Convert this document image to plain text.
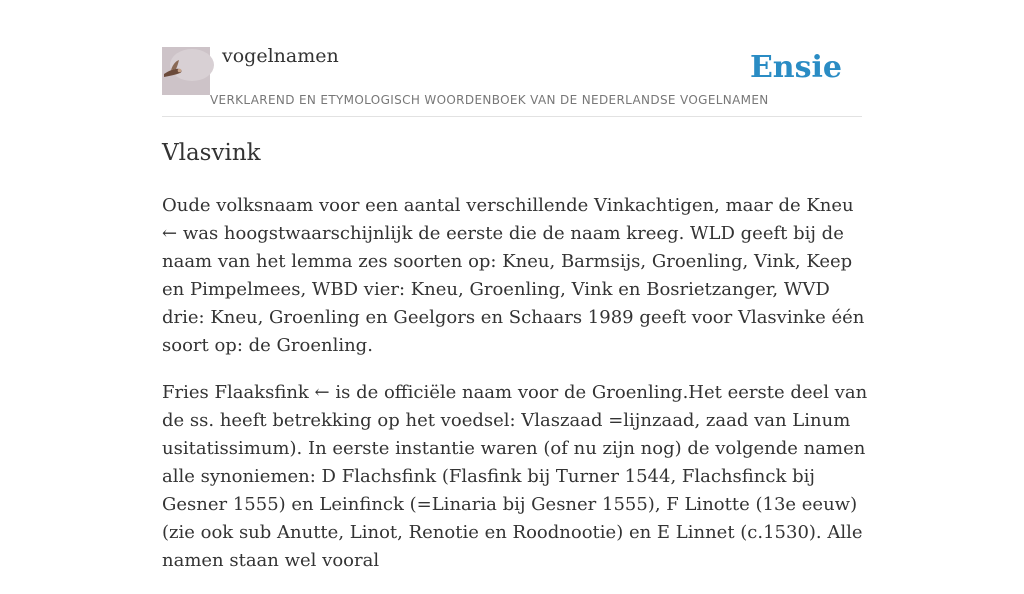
vogelnamen
VERKLAREND EN ETYMOLOGISCH WOORDENBOEK VAN DE NEDERLANDSE VOGELNAMEN
Ensie
Vlasvink

Oude volksnaam voor een aantal verschillende Vinkachtigen, maar de Kneu ← was hoogstwaarschijnlijk de eerste die de naam kreeg. WLD geeft bij de naam van het lemma zes soorten op: Kneu, Barmsijs, Groenling, Vink, Keep en Pimpelmees, WBD vier: Kneu, Groenling, Vink en Bosrietzanger, WVD drie: Kneu, Groenling en Geelgors en Schaars 1989 geeft voor Vlasvinke één soort op: de Groenling.

Fries Flaaksfink ← is de officiële naam voor de Groenling.Het eerste deel van de ss. heeft betrekking op het voedsel: Vlaszaad =lijnzaad, zaad van Linum usitatissimum). In eerste instantie waren (of nu zijn nog) de volgende namen alle synoniemen: D Flachsfink (Flasfink bij Turner 1544, Flachsfinck bij Gesner 1555) en Leinfinck (=Linaria bij Gesner 1555), F Linotte (13e eeuw) (zie ook sub Anutte, Linot, Renotie en Roodnootie) en E Linnet (c.1530). Alle namen staan wel vooral
